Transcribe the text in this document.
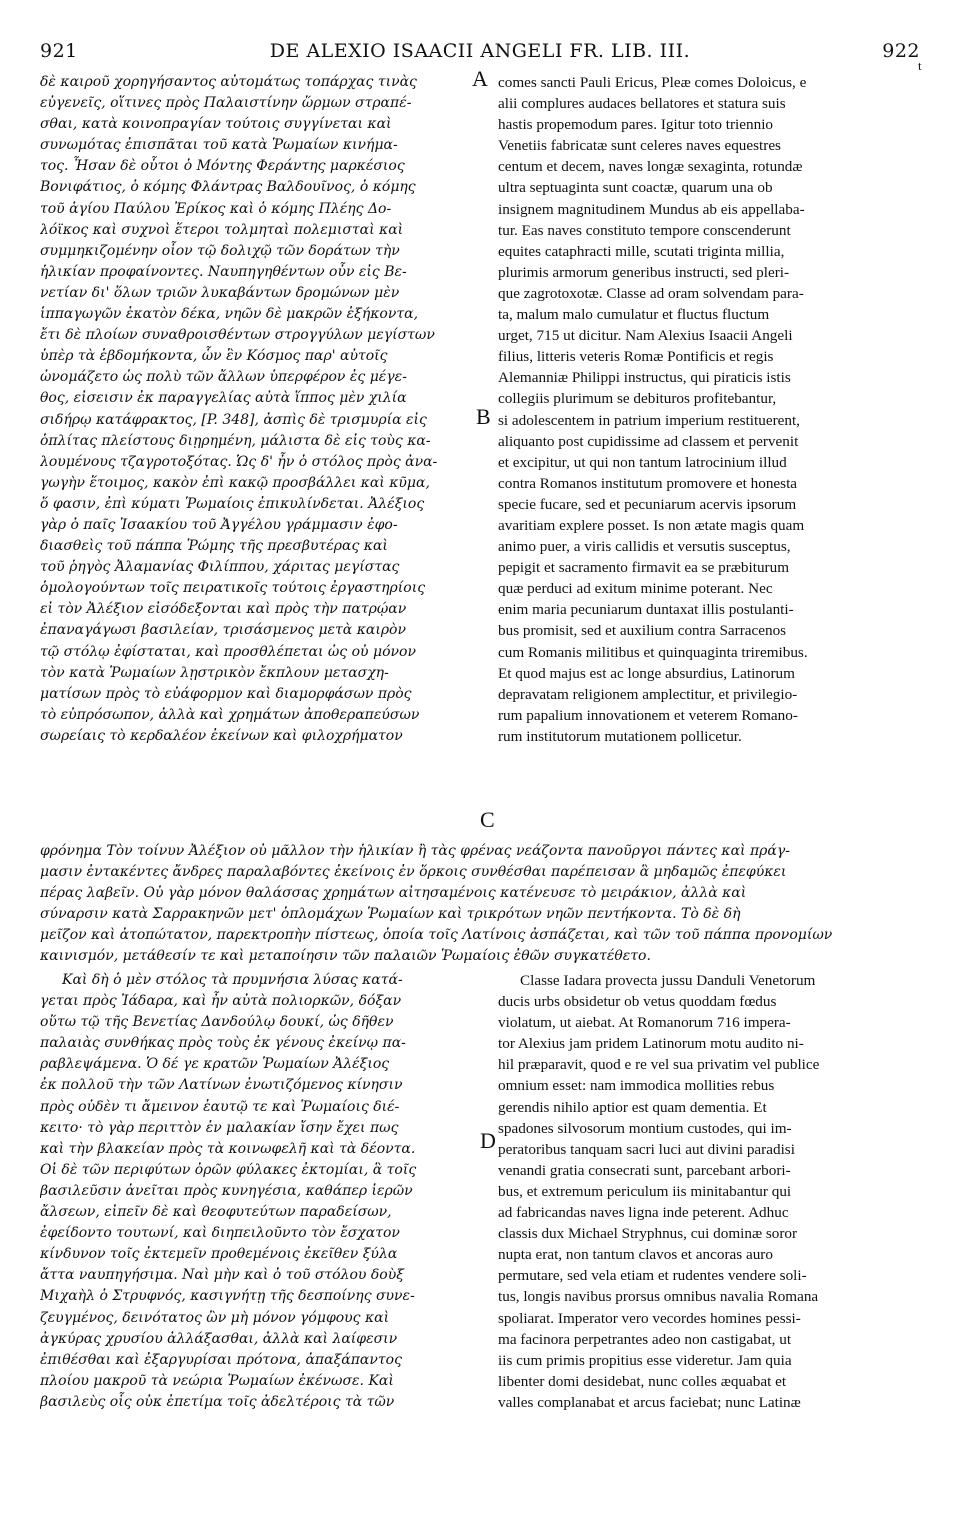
921	DE ALEXIO ISAACII ANGELI FR. LIB. III.	922
A
t
B
C
D
δὲ καιροῦ χορηγήσαντος αὐτομάτως τοπάρχας τινὰς
εὐγενεῖς, οἵτινες πρὸς Παλαιστίνην ὥρμων στραπέ-
σθαι, κατὰ κοινοπραγίαν τούτοις συγγίνεται καὶ
συνωμότας ἐπισπᾶται τοῦ κατὰ Ῥωμαίων κινήμα-
τος. Ἦσαν δὲ οὗτοι ὁ Μόντης Φεράντης μαρκέσιος
Βονιφάτιος, ὁ κόμης Φλάντρας Βαλδουῖνος, ὁ κόμης
τοῦ ἁγίου Παύλου Ἐρίκος καὶ ὁ κόμης Πλέης Δο-
λόϊκος καὶ συχνοὶ ἕτεροι τολμηταὶ πολεμισταὶ καὶ
συμμηκιζομένην οἷον τῷ δολιχῷ τῶν δοράτων τὴν
ἡλικίαν προφαίνοντες. Ναυπηγηθέντων οὖν εἰς Βε-
νετίαν δι' ὅλων τριῶν λυκαβάντων δρομώνων μὲν
ἱππαγωγῶν ἑκατὸν δέκα, νηῶν δὲ μακρῶν ἑξήκοντα,
ἔτι δὲ πλοίων συναθροισθέντων στρογγύλων μεγίστων
ὑπὲρ τὰ ἑβδομήκοντα, ὧν ἓν Κόσμος παρ' αὐτοῖς
ὠνομάζετο ὡς πολὺ τῶν ἄλλων ὑπερφέρον ἐς μέγε-
θος, εἰσεισιν ἐκ παραγγελίας αὐτὰ ἵππος μὲν χιλία
σιδήρῳ κατάφρακτος, [P. 348], ἀσπὶς δὲ τρισμυρία εἰς
ὁπλίτας πλείστους διῃρημένη, μάλιστα δὲ εἰς τοὺς κα-
λουμένους τζαγροτοξότας. Ὡς δ' ἦν ὁ στόλος πρὸς ἀνα-
γωγὴν ἕτοιμος, κακὸν ἐπὶ κακῷ προσβάλλει καὶ κῦμα,
ὅ φασιν, ἐπὶ κύματι Ῥωμαίοις ἐπικυλίνδεται. Ἀλέξιος
γὰρ ὁ παῖς Ἰσαακίου τοῦ Ἀγγέλου γράμμασιν ἐφο-
διασθεὶς τοῦ πάππα Ῥώμης τῆς πρεσβυτέρας καὶ
τοῦ ῥηγὸς Ἀλαμανίας Φιλίππου, χάριτας μεγίστας
ὁμολογούντων τοῖς πειρατικοῖς τούτοις ἐργαστηρίοις
εἰ τὸν Ἀλέξιον εἰσόδεξονται καὶ πρὸς τὴν πατρῴαν
ἐπαναγάγωσι βασιλείαν, τρισάσμενος μετὰ καιρὸν
τῷ στόλῳ ἐφίσταται, καὶ προσθλέπεται ὡς οὐ μόνον
τὸν κατὰ Ῥωμαίων λῃστρικὸν ἔκπλουν μετασχη-
ματίσων πρὸς τὸ εὐάφορμον καὶ διαμορφάσων πρὸς
τὸ εὐπρόσωπον, ἀλλὰ καὶ χρημάτων ἀποθεραπεύσων
σωρείαις τὸ κερδαλέον ἐκείνων καὶ φιλοχρήματον
comes sancti Pauli Ericus, Pleæ comes Doloicus, e
alii complures audaces bellatores et statura suis
hastis propemodum pares. Igitur toto triennio
Venetiis fabricatæ sunt celeres naves equestres
centum et decem, naves longæ sexaginta, rotundæ
ultra septuaginta sunt coactæ, quarum una ob
insignem magnitudinem Mundus ab eis appellaba-
tur. Eas naves constituto tempore conscenderunt
equites cataphracti mille, scutati triginta millia,
plurimis armorum generibus instructi, sed pleri-
que zagrotoxotæ. Classe ad oram solvendam para-
ta, malum malo cumulatur et fluctus fluctum
urget, 715 ut dicitur. Nam Alexius Isaacii Angeli
filius, litteris veteris Romæ Pontificis et regis
Alemanniæ Philippi instructus, qui piraticis istis
collegiis plurimum se debituros profitebantur,
si adolescentem in patrium imperium restituerent,
aliquanto post cupidissime ad classem et pervenit
et excipitur, ut qui non tantum latrocinium illud
contra Romanos institutum promovere et honesta
specie fucare, sed et pecuniarum acervis ipsorum
avaritiam explere posset. Is non ætate magis quam
animo puer, a viris callidis et versutis susceptus,
pepigit et sacramento firmavit ea se præbiturum
quæ perduci ad exitum minime poterant. Nec
enim maria pecuniarum duntaxat illis postulanti-
bus promisit, sed et auxilium contra Sarracenos
cum Romanis militibus et quinquaginta triremibus.
Et quod majus est ac longe absurdius, Latinorum
depravatam religionem amplectitur, et privilegio-
rum papalium innovationem et veterem Romano-
rum institutorum mutationem pollicetur.
φρόνημα Τὸν τοίνυν Ἀλέξιον οὐ μᾶλλον τὴν ἡλικίαν ἢ τὰς φρένας νεάζοντα πανοῦργοι πάντες καὶ πράγ-
μασιν ἐντακέντες ἄνδρες παραλαβόντες ἐκείνοις ἐν ὅρκοις συνθέσθαι παρέπεισαν ἃ μηδαμῶς ἐπεφύκει
πέρας λαβεῖν. Οὐ γὰρ μόνον θαλάσσας χρημάτων αἰτησαμένοις κατένευσε τὸ μειράκιον, ἀλλὰ καὶ
σύναρσιν κατὰ Σαρρακηνῶν μετ' ὁπλομάχων Ῥωμαίων καὶ τρικρότων νηῶν πεντήκοντα. Τὸ δὲ δὴ
μεῖζον καὶ ἀτοπώτατον, παρεκτροπὴν πίστεως, ὁποία τοῖς Λατίνοις ἀσπάζεται, καὶ τῶν τοῦ πάππα προνομίων
καινισμόν, μετάθεσίν τε καὶ μεταποίησιν τῶν παλαιῶν Ῥωμαίοις ἐθῶν συγκατέθετο.
Καὶ δὴ ὁ μὲν στόλος τὰ πρυμνήσια λύσας κατά-
γεται πρὸς Ἰάδαρα, καὶ ἦν αὐτὰ πολιορκῶν, δόξαν
οὕτω τῷ τῆς Βενετίας Δανδούλῳ δουκί, ὡς δῆθεν
παλαιὰς συνθήκας πρὸς τοὺς ἐκ γένους ἐκείνῳ πα-
ραβλεψάμενα. Ὁ δέ γε κρατῶν Ῥωμαίων Ἀλέξιος
ἐκ πολλοῦ τὴν τῶν Λατίνων ἐνωτιζόμενος κίνησιν
πρὸς οὐδὲν τι ἄμεινον ἑαυτῷ τε καὶ Ῥωμαίοις διέ-
κειτο· τὸ γὰρ περιττὸν ἐν μαλακίαν ἴσην ἔχει πως
καὶ τὴν βλακείαν πρὸς τὰ κοινωφελῆ καὶ τὰ δέοντα.
Οἱ δὲ τῶν περιφύτων ὀρῶν φύλακες ἐκτομίαι, ἃ τοῖς
βασιλεῦσιν ἀνεῖται πρὸς κυνηγέσια, καθάπερ ἱερῶν
ἄλσεων, εἰπεῖν δὲ καὶ θεοφυτεύτων παραδείσων,
ἐφείδοντο τουτωνί, καὶ διηπειλοῦντο τὸν ἔσχατον
κίνδυνον τοῖς ἐκτεμεῖν προθεμένοις ἐκεῖθεν ξύλα
ἄττα ναυπηγήσιμα. Ναὶ μὴν καὶ ὁ τοῦ στόλου δοὺξ
Μιχαὴλ ὁ Στρυφνός, κασιγνήτῃ τῆς δεσποίνης συνε-
ζευγμένος, δεινότατος ὢν μὴ μόνον γόμφους καὶ
ἀγκύρας χρυσίου ἀλλάξασθαι, ἀλλὰ καὶ λαίφεσιν
ἐπιθέσθαι καὶ ἐξαργυρίσαι πρότονα, ἀπαξάπαντος
πλοίου μακροῦ τὰ νεώρια Ῥωμαίων ἐκένωσε. Καὶ
βασιλεὺς οἷς οὐκ ἐπετίμα τοῖς ἀδελτέροις τὰ τῶν
Classe Iadara provecta jussu Danduli Venetorum
ducis urbs obsidetur ob vetus quoddam fœdus
violatum, ut aiebat. At Romanorum 716 impera-
tor Alexius jam pridem Latinorum motu audito ni-
hil præparavit, quod e re vel sua privatim vel publice
omnium esset: nam immodica mollities rebus
gerendis nihilo aptior est quam dementia. Et
spadones silvosorum montium custodes, qui im-
peratoribus tanquam sacri luci aut divini paradisi
venandi gratia consecrati sunt, parcebant arbori-
bus, et extremum periculum iis minitabantur qui
ad fabricandas naves ligna inde peterent. Adhuc
classis dux Michael Stryphnus, cui dominæ soror
nupta erat, non tantum clavos et ancoras auro
permutare, sed vela etiam et rudentes vendere soli-
tus, longis navibus prorsus omnibus navalia Romana
spoliarat. Imperator vero vecordes homines pessi-
ma facinora perpetrantes adeo non castigabat, ut
iis cum primis propitius esse videretur. Jam quia
libenter domi desidebat, nunc colles æquabat et
valles complanabat et arcus faciebat; nunc Latinæ
